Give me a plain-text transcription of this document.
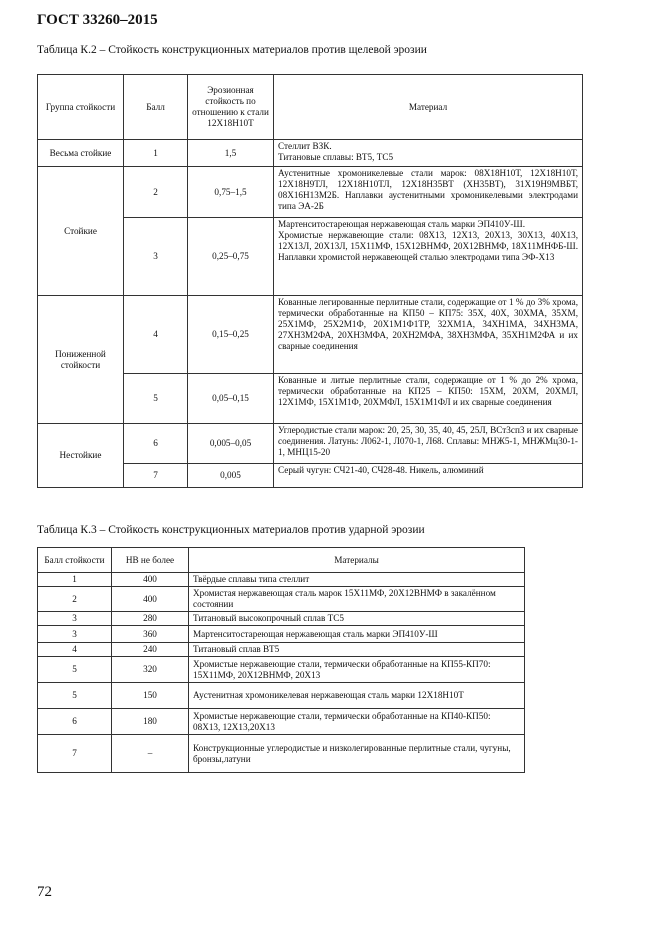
ГОСТ 33260–2015
Таблица К.2 – Стойкость конструкционных материалов против щелевой эрозии
Группа стойкости	Балл	Эрозионная стойкость по отношению к стали 12Х18Н10Т	Материал
Весьма стойкие	1	1,5	Стеллит ВЗК.
Титановые сплавы: ВТ5, ТС5
Стойкие	2	0,75–1,5	Аустенитные хромоникелевые стали марок: 08Х18Н10Т, 12Х18Н10Т, 12Х18Н9ТЛ, 12Х18Н10ТЛ, 12Х18Н35ВТ (ХН35ВТ), 31Х19Н9МВБТ, 08Х16Н13М2Б. Наплавки аустенитными хромоникелевыми электродами типа ЭА-2Б
	3	0,25–0,75	Мартенситостареющая нержавеющая сталь марки ЭП410У-Ш.
Хромистые нержавеющие стали: 08Х13, 12Х13, 20Х13, 30Х13, 40Х13, 12Х13Л, 20Х13Л, 15Х11МФ, 15Х12ВНМФ, 20Х12ВНМФ, 18Х11МНФБ-Ш. Наплавки хромистой нержавеющей сталью электродами типа ЭФ-Х13
Пониженной стойкости	4	0,15–0,25	Кованные легированные перлитные стали, содержащие от 1 % до 3% хрома, термически обработанные на КП50 – КП75: 35Х, 40Х, 30ХМА, 35ХМ, 25Х1МФ, 25Х2М1Ф, 20Х1М1Ф1ТР, 32ХМ1А, 34ХН1МА, 34ХН3МА, 27ХН3М2ФА, 20ХН3МФА, 20ХН2МФА, 38ХН3МФА, 35ХН1М2ФА и их сварные соединения
	5	0,05–0,15	Кованные и литые перлитные стали, содержащие от 1 % до 2% хрома, термически обработанные на КП25 – КП50: 15ХМ, 20ХМ, 20ХМЛ, 12Х1МФ, 15Х1М1Ф, 20ХМФЛ, 15Х1М1ФЛ и их сварные соединения
Нестойкие	6	0,005–0,05	Углеродистые стали марок: 20, 25, 30, 35, 40, 45, 25Л, ВСт3сп3 и их сварные соединения. Латунь: Л062-1, Л070-1, Л68. Сплавы: МНЖ5-1, МНЖМц30-1-1, МНЦ15-20
	7	0,005	Серый чугун: СЧ21-40, СЧ28-48. Никель, алюминий
Таблица К.3 – Стойкость конструкционных материалов против ударной эрозии
Балл стойкости	НВ не более	Материалы
1	400	Твёрдые сплавы типа стеллит
2	400	Хромистая нержавеющая сталь марок 15Х11МФ, 20Х12ВНМФ в закалённом состоянии
3	280	Титановый высокопрочный сплав ТС5
3	360	Мартенситостареющая нержавеющая сталь марки ЭП410У-Ш
4	240	Титановый сплав ВТ5
5	320	Хромистые нержавеющие стали, термически обработанные на КП55-КП70: 15Х11МФ, 20Х12ВНМФ, 20Х13
5	150	Аустенитная хромоникелевая нержавеющая сталь марки 12Х18Н10Т
6	180	Хромистые нержавеющие стали, термически обработанные на КП40-КП50: 08Х13, 12Х13,20Х13
7	–	Конструкционные углеродистые и низколегированные перлитные стали, чугуны, бронзы,латуни
72
